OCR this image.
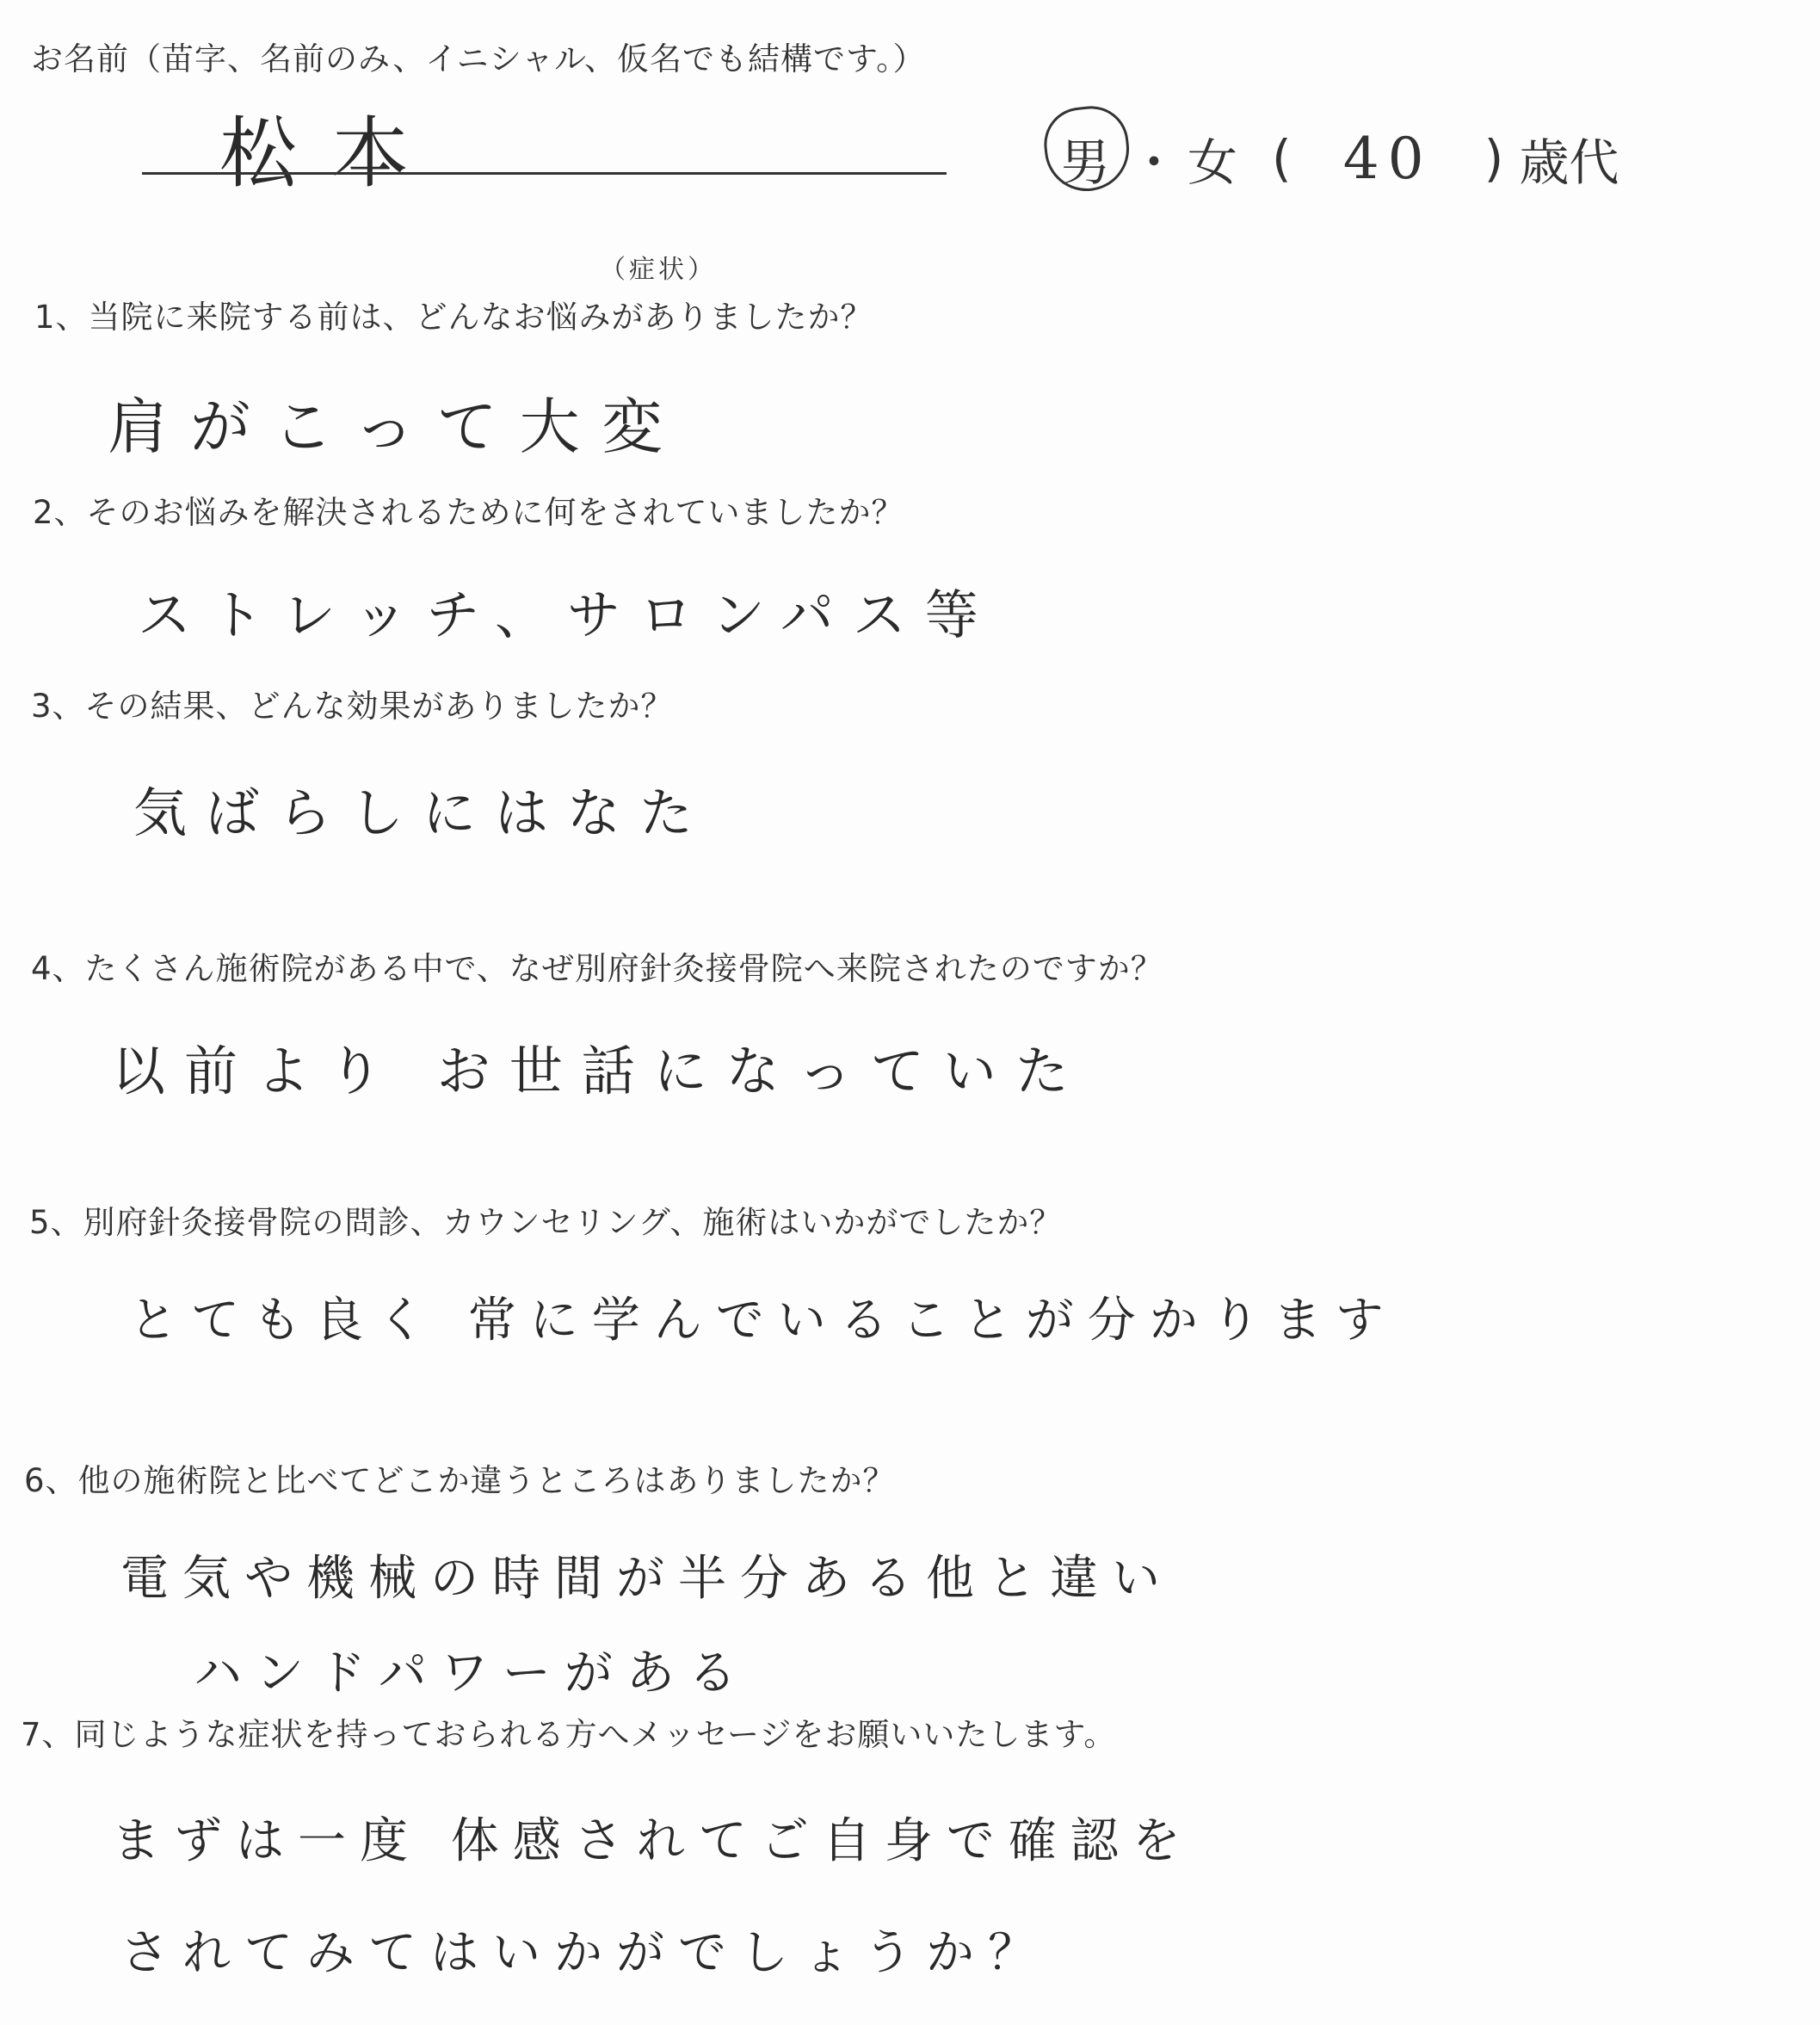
お名前（苗字、名前のみ、イニシャル、仮名でも結構です。）
松本	男 ・ 女 ( 40 ) 歳代
（症状）
1、当院に来院する前は、どんなお悩みがありましたか？
肩がこって大変
2、そのお悩みを解決されるために何をされていましたか？
ストレッチ、サロンパス等
3、その結果、どんな効果がありましたか？
気ばらしにはなた
4、たくさん施術院がある中で、なぜ別府針灸接骨院へ来院されたのですか？
以前より お世話になっていた
5、別府針灸接骨院の問診、カウンセリング、施術はいかがでしたか？
とても良く 常に学んでいることが分かります
6、他の施術院と比べてどこか違うところはありましたか？
電気や機械の時間が半分ある他と違い
ハンドパワーがある
7、同じような症状を持っておられる方へメッセージをお願いいたします。
まずは一度 体感されてご自身で確認を
されてみてはいかがでしょうか？
